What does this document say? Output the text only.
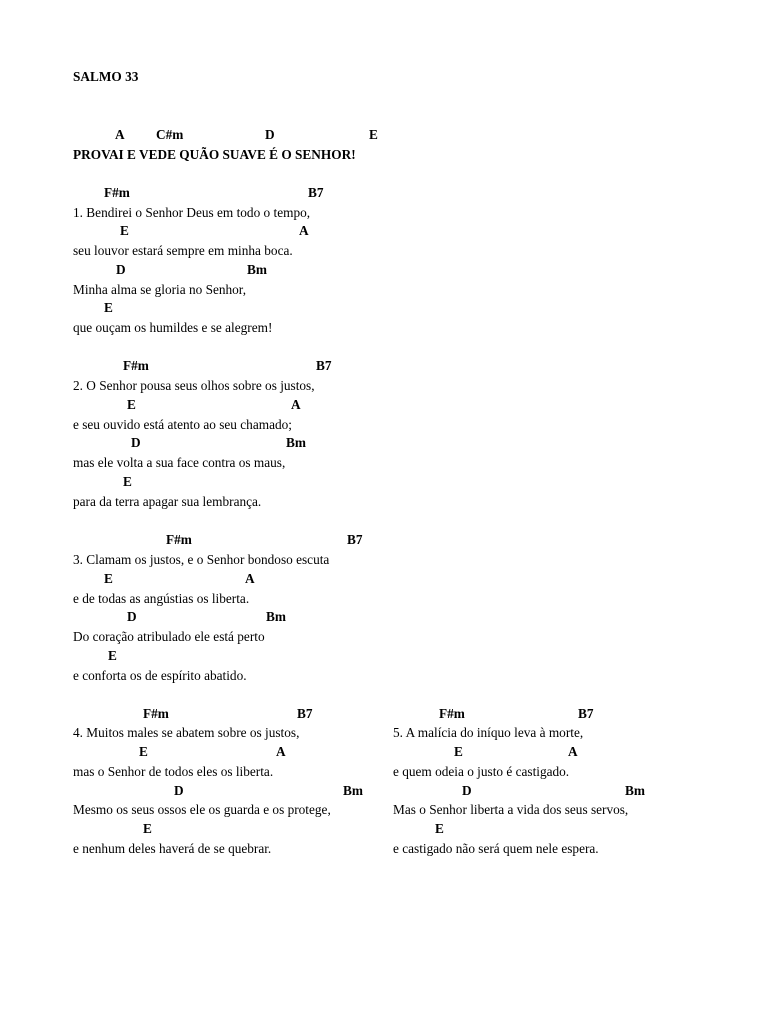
SALMO 33
A C#m	D	E
PROVAI E VEDE QUÃO SUAVE É O SENHOR!
F#m	B7
1. Bendirei o Senhor Deus em todo o tempo,
E	A
seu louvor estará sempre em minha boca.
D	Bm
Minha alma se gloria no Senhor,
E
que ouçam os humildes e se alegrem!
F#m	B7
2. O Senhor pousa seus olhos sobre os justos,
E	A
e seu ouvido está atento ao seu chamado;
D	Bm
mas ele volta a sua face contra os maus,
E
para da terra apagar sua lembrança.
F#m	B7
3. Clamam os justos, e o Senhor bondoso escuta
E	A
e de todas as angústias os liberta.
D	Bm
Do coração atribulado ele está perto
E
e conforta os de espírito abatido.
F#m	B7
4. Muitos males se abatem sobre os justos,
E	A
mas o Senhor de todos eles os liberta.
D	Bm
Mesmo os seus ossos ele os guarda e os protege,
E
e nenhum deles haverá de se quebrar.
F#m	B7
5. A malícia do iníquo leva à morte,
E	A
e quem odeia o justo é castigado.
D	Bm
Mas o Senhor liberta a vida dos seus servos,
E
e castigado não será quem nele espera.
